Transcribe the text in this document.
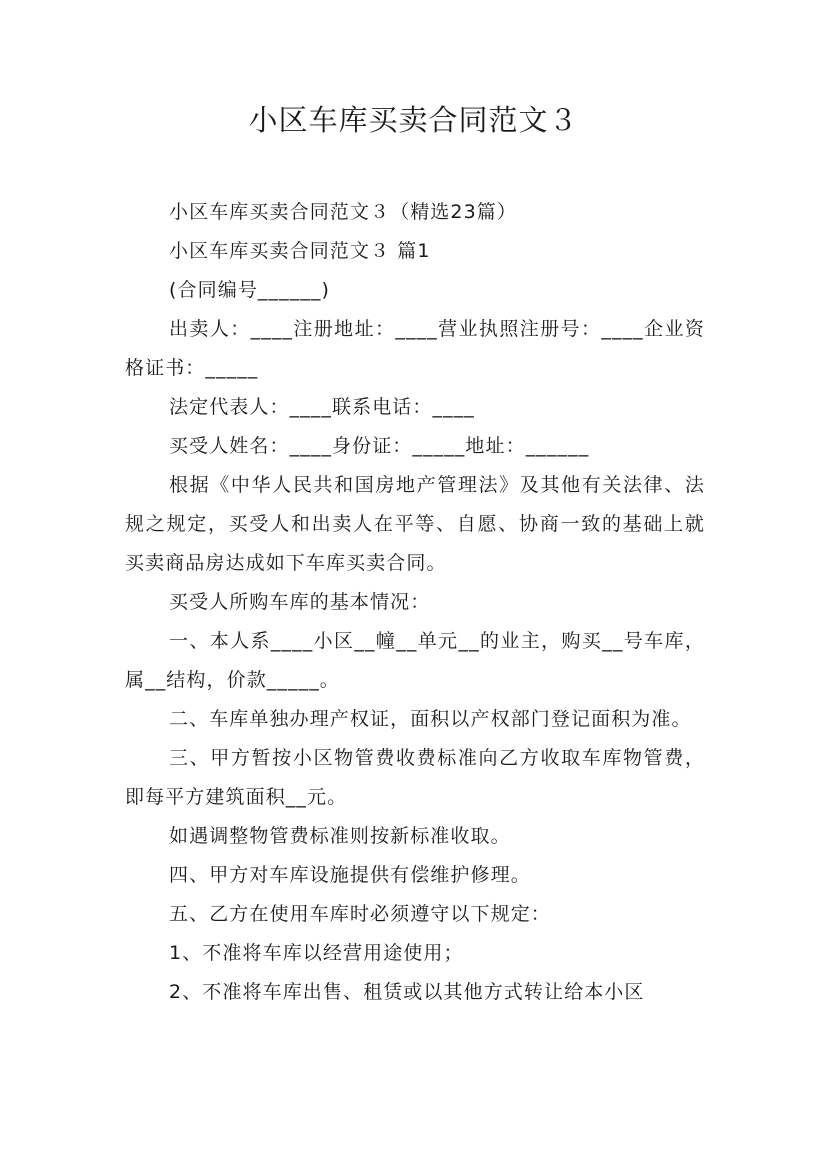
小区车库买卖合同范文３

小区车库买卖合同范文３（精选23篇）

小区车库买卖合同范文３ 篇1

(合同编号______)

出卖人：____注册地址：____营业执照注册号：____企业资格证书：_____

法定代表人：____联系电话：____

买受人姓名：____身份证：_____地址：______

根据《中华人民共和国房地产管理法》及其他有关法律、法规之规定，买受人和出卖人在平等、自愿、协商一致的基础上就买卖商品房达成如下车库买卖合同。

买受人所购车库的基本情况：

一、本人系____小区__幢__单元__的业主，购买__号车库，属__结构，价款_____。

二、车库单独办理产权证，面积以产权部门登记面积为准。

三、甲方暂按小区物管费收费标准向乙方收取车库物管费，即每平方建筑面积__元。

如遇调整物管费标准则按新标准收取。

四、甲方对车库设施提供有偿维护修理。

五、乙方在使用车库时必须遵守以下规定：

1、不准将车库以经营用途使用；

2、不准将车库出售、租赁或以其他方式转让给本小区
